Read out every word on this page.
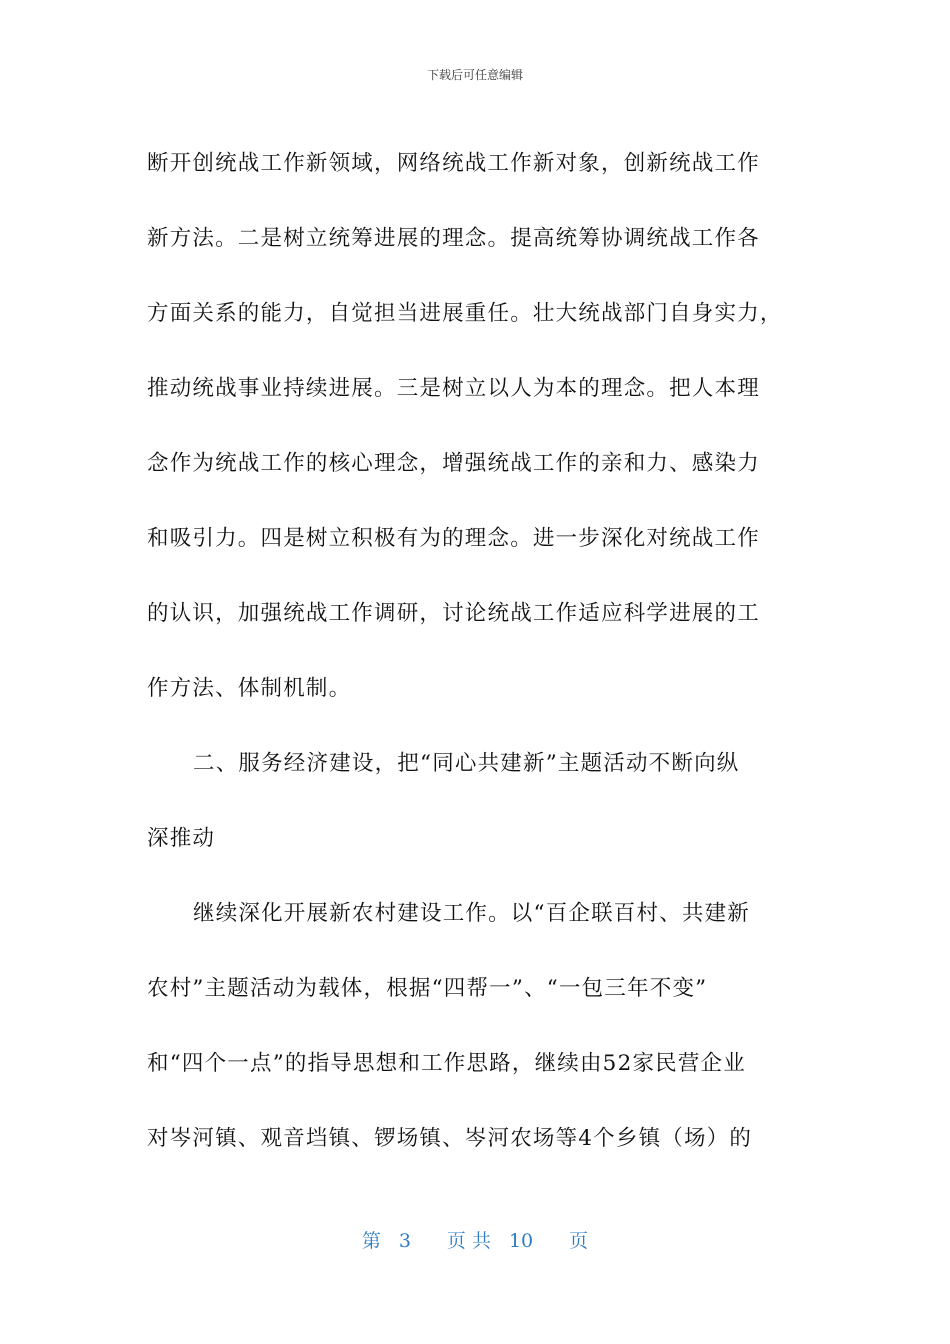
下载后可任意编辑
断开创统战工作新领域，网络统战工作新对象，创新统战工作
新方法。二是树立统筹进展的理念。提高统筹协调统战工作各
方面关系的能力，自觉担当进展重任。壮大统战部门自身实力，
推动统战事业持续进展。三是树立以人为本的理念。把人本理
念作为统战工作的核心理念，增强统战工作的亲和力、感染力
和吸引力。四是树立积极有为的理念。进一步深化对统战工作
的认识，加强统战工作调研，讨论统战工作适应科学进展的工
作方法、体制机制。
二、服务经济建设，把“同心共建新”主题活动不断向纵
深推动
继续深化开展新农村建设工作。以“百企联百村、共建新
农村”主题活动为载体，根据“四帮一”、“一包三年不变”
和“四个一点”的指导思想和工作思路，继续由52家民营企业
对岑河镇、观音垱镇、锣场镇、岑河农场等4个乡镇（场）的
第 3 页 共 10 页
